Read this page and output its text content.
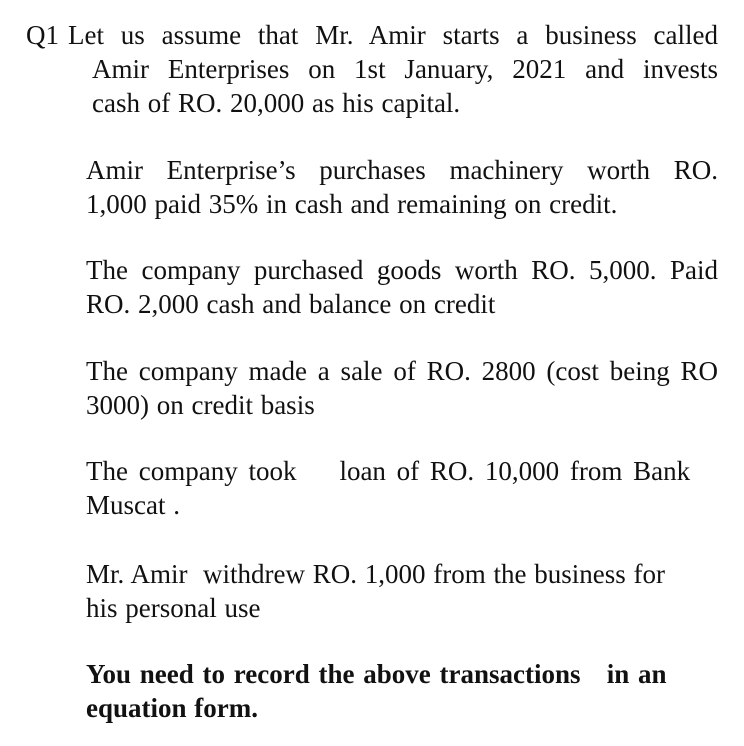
Q1 Let us assume that Mr. Amir starts a business called
Amir Enterprises on 1st January, 2021 and invests
cash of RO. 20,000 as his capital.
Amir Enterprise’s purchases machinery worth RO.
1,000 paid 35% in cash and remaining on credit.
The company purchased goods worth RO. 5,000. Paid
RO. 2,000 cash and balance on credit
The company made a sale of RO. 2800 (cost being RO
3000) on credit basis
The company took    loan of RO. 10,000 from Bank
Muscat .
Mr. Amir  withdrew RO. 1,000 from the business for
his personal use
You need to record the above transactions   in an
equation form.
